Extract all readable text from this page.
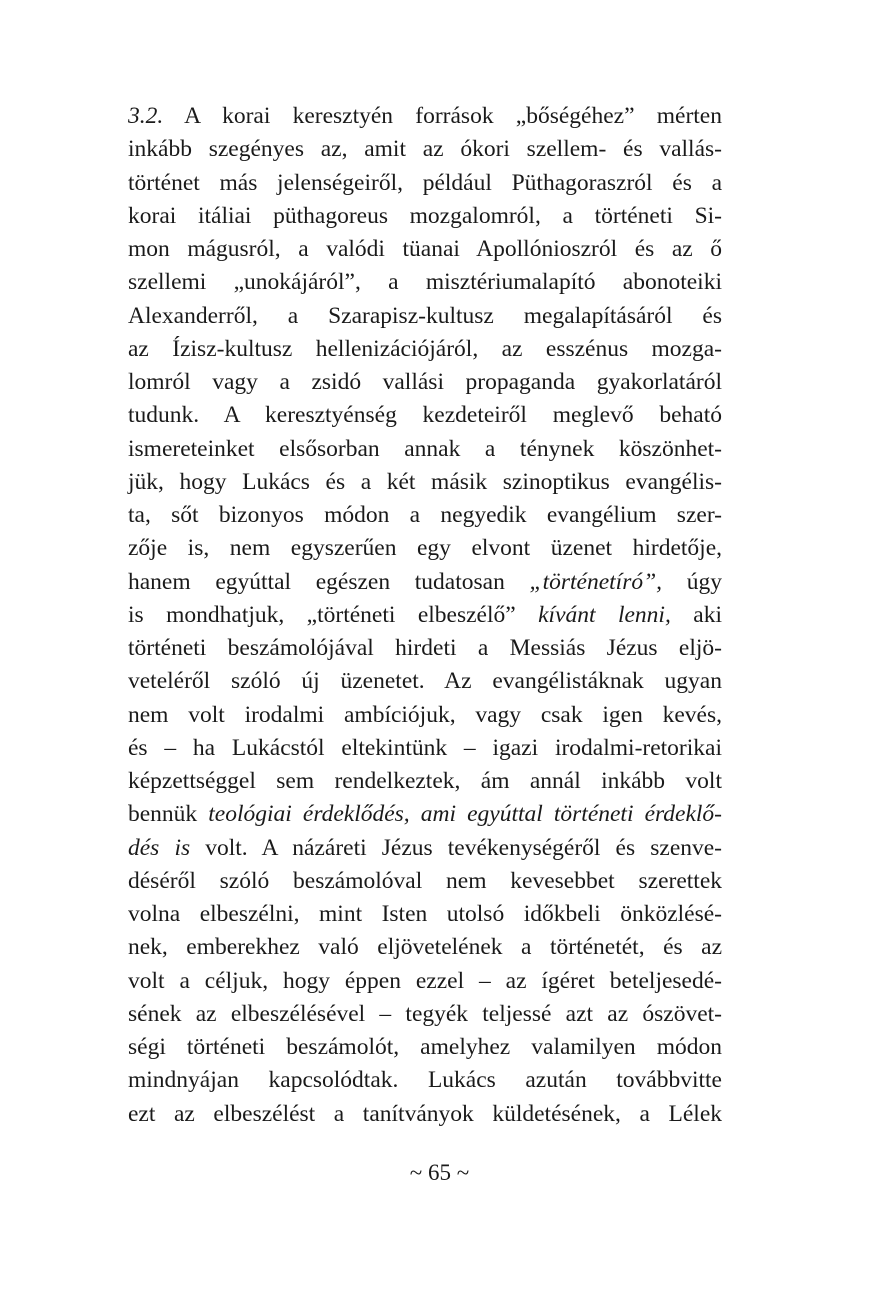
3.2. A korai keresztyén források „bőségéhez” mérten
inkább szegényes az, amit az ókori szellem- és vallás-
történet más jelenségeiről, például Püthagoraszról és a
korai itáliai püthagoreus mozgalomról, a történeti Si-
mon mágusról, a valódi tüanai Apollónioszról és az ő
szellemi „unokájáról”, a misztériumalapító abonoteiki
Alexanderről, a Szarapisz-kultusz megalapításáról és
az Ízisz-kultusz hellenizációjáról, az esszénus mozga-
lomról vagy a zsidó vallási propaganda gyakorlatáról
tudunk. A keresztyénség kezdeteiről meglevő beható
ismereteinket elsősorban annak a ténynek köszönhet-
jük, hogy Lukács és a két másik szinoptikus evangélis-
ta, sőt bizonyos módon a negyedik evangélium szer-
zője is, nem egyszerűen egy elvont üzenet hirdetője,
hanem egyúttal egészen tudatosan „történetíró”, úgy
is mondhatjuk, „történeti elbeszélő” kívánt lenni, aki
történeti beszámolójával hirdeti a Messiás Jézus eljö-
veteléről szóló új üzenetet. Az evangélistáknak ugyan
nem volt irodalmi ambíciójuk, vagy csak igen kevés,
és – ha Lukácstól eltekintünk – igazi irodalmi-retorikai
képzettséggel sem rendelkeztek, ám annál inkább volt
bennük teológiai érdeklődés, ami egyúttal történeti érdeklő-
dés is volt. A názáreti Jézus tevékenységéről és szenve-
déséről szóló beszámolóval nem kevesebbet szerettek
volna elbeszélni, mint Isten utolsó időkbeli önközlésé-
nek, emberekhez való eljövetelének a történetét, és az
volt a céljuk, hogy éppen ezzel – az ígéret beteljesedé-
sének az elbeszélésével – tegyék teljessé azt az ószövet-
ségi történeti beszámolót, amelyhez valamilyen módon
mindnyájan kapcsolódtak. Lukács azután továbbvitte
ezt az elbeszélést a tanítványok küldetésének, a Lélek
~ 65 ~
